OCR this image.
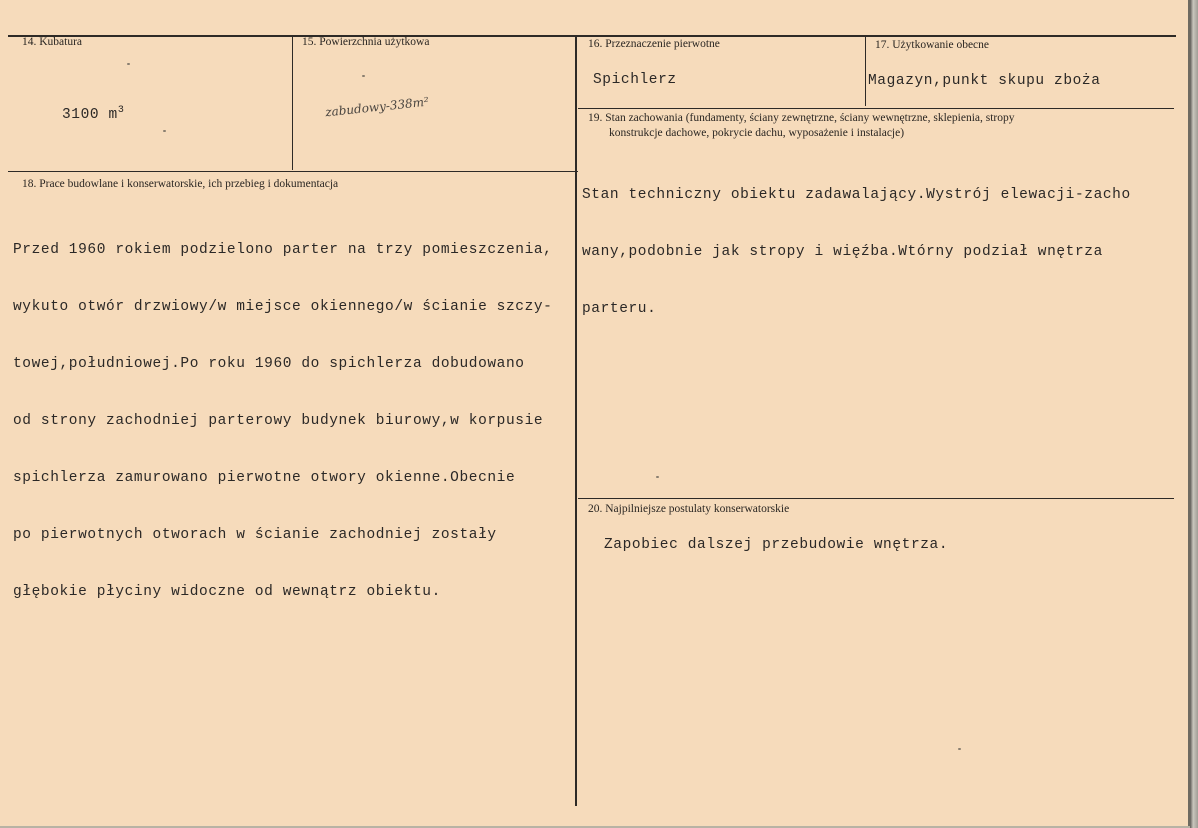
14. Kubatura
3100 $m^3$
15. Powierzchnia użytkowa
zabudowy-338m²
16. Przeznaczenie pierwotne
Spichlerz
17. Użytkowanie obecne
Magazyn,punkt skupu zboża
19. Stan zachowania (fundamenty, ściany zewnętrzne, ściany wewnętrzne, sklepienia, stropy
konstrukcje dachowe, pokrycie dachu, wyposażenie i instalacje)

Stan techniczny obiektu zadawalający.Wystrój elewacji-zacho

wany,podobnie jak stropy i więźba.Wtórny podział wnętrza

parteru.

18. Prace budowlane i konserwatorskie, ich przebieg i dokumentacja

Przed 1960 rokiem podzielono parter na trzy pomieszczenia,

wykuto otwór drzwiowy/w miejsce okiennego/w ścianie szczy-

towej,południowej.Po roku 1960 do spichlerza dobudowano

od strony zachodniej parterowy budynek biurowy,w korpusie

spichlerza zamurowano pierwotne otwory okienne.Obecnie

po pierwotnych otworach w ścianie zachodniej zostały

głębokie płyciny widoczne od wewnątrz obiektu.

20. Najpilniejsze postulaty konserwatorskie
Zapobiec dalszej przebudowie wnętrza.
